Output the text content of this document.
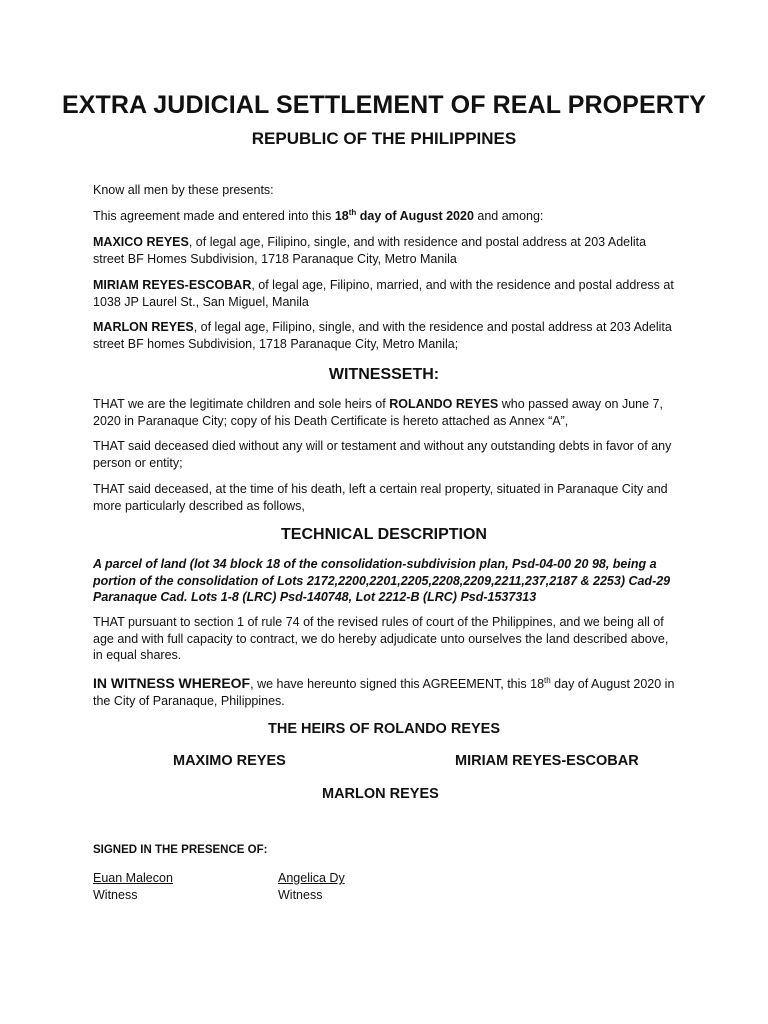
EXTRA JUDICIAL SETTLEMENT OF REAL PROPERTY
REPUBLIC OF THE PHILIPPINES
Know all men by these presents:
This agreement made and entered into this 18th day of August 2020 and among:
MAXICO REYES, of legal age, Filipino, single, and with residence and postal address at 203 Adelita street BF Homes Subdivision, 1718 Paranaque City, Metro Manila
MIRIAM REYES-ESCOBAR, of legal age, Filipino, married, and with the residence and postal address at 1038 JP Laurel St., San Miguel, Manila
MARLON REYES, of legal age, Filipino, single, and with the residence and postal address at 203 Adelita street BF homes Subdivision, 1718 Paranaque City, Metro Manila;
WITNESSETH:
THAT we are the legitimate children and sole heirs of ROLANDO REYES who passed away on June 7, 2020 in Paranaque City; copy of his Death Certificate is hereto attached as Annex “A”,
THAT said deceased died without any will or testament and without any outstanding debts in favor of any person or entity;
THAT said deceased, at the time of his death, left a certain real property, situated in Paranaque City and more particularly described as follows,
TECHNICAL DESCRIPTION
A parcel of land (lot 34 block 18 of the consolidation-subdivision plan, Psd-04-00 20 98, being a portion of the consolidation of Lots 2172,2200,2201,2205,2208,2209,2211,237,2187 & 2253) Cad-29 Paranaque Cad. Lots 1-8 (LRC) Psd-140748, Lot 2212-B (LRC) Psd-1537313
THAT pursuant to section 1 of rule 74 of the revised rules of court of the Philippines, and we being all of age and with full capacity to contract, we do hereby adjudicate unto ourselves the land described above, in equal shares.
IN WITNESS WHEREOF, we have hereunto signed this AGREEMENT, this 18th day of August 2020 in the City of Paranaque, Philippines.
THE HEIRS OF ROLANDO REYES
MAXIMO REYES	MIRIAM REYES-ESCOBAR
MARLON REYES
SIGNED IN THE PRESENCE OF:
Euan Malecon
Witness
Angelica Dy
Witness
